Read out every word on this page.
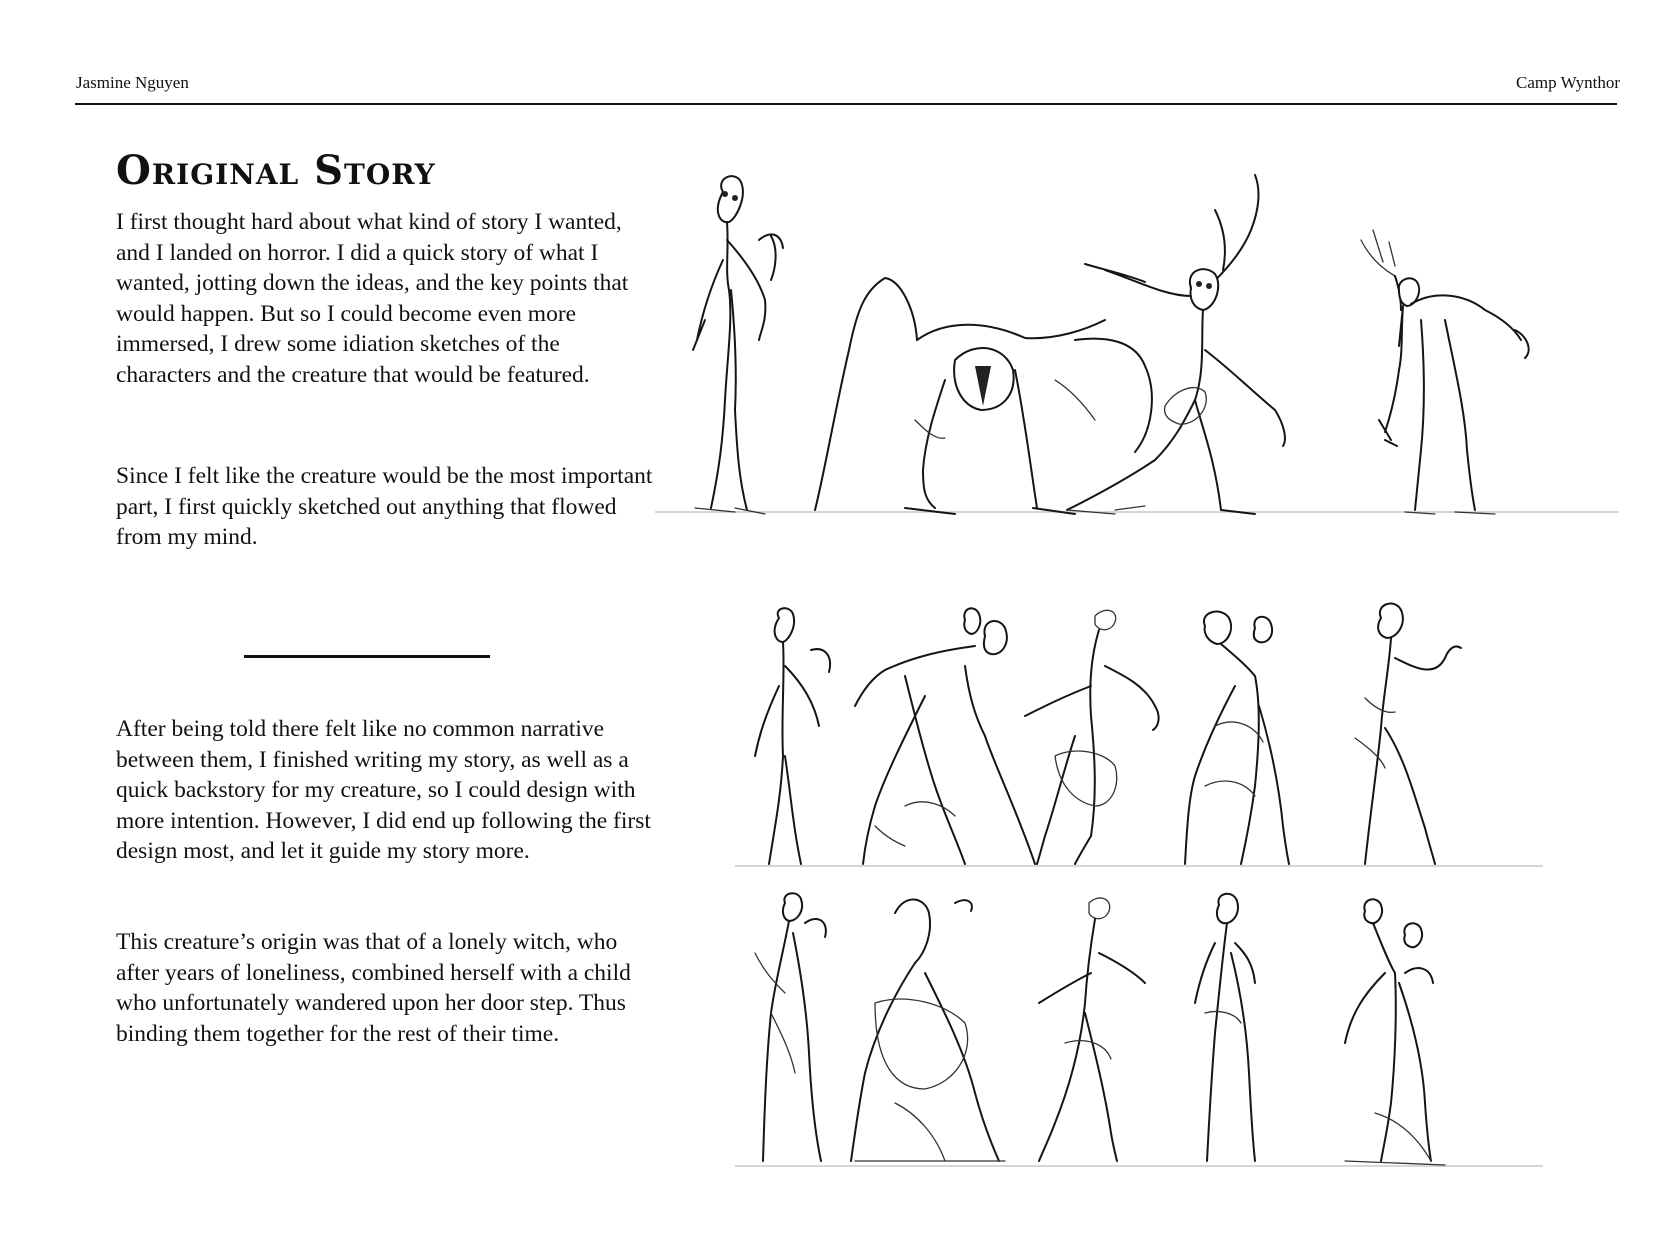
Jasmine Nguyen	Camp Wynthor
Original Story

I first thought hard about what kind of story I wanted, and I landed on horror. I did a quick story of what I wanted, jotting down the ideas, and the key points that would happen. But so I could become even more immersed, I drew some idiation sketches of the characters and the creature that would be featured.

Since I felt like the creature would be the most important part, I first quickly sketched out anything that flowed from my mind.

After being told there felt like no common narrative between them, I finished writing my story, as well as a quick backstory for my creature, so I could design with more intention. However, I did end up following the first design most, and let it guide my story more.

This creature’s origin was that of a lonely witch, who after years of loneliness, combined herself with a child who unfortunately wandered upon her door step. Thus binding them together for the rest of their time.
